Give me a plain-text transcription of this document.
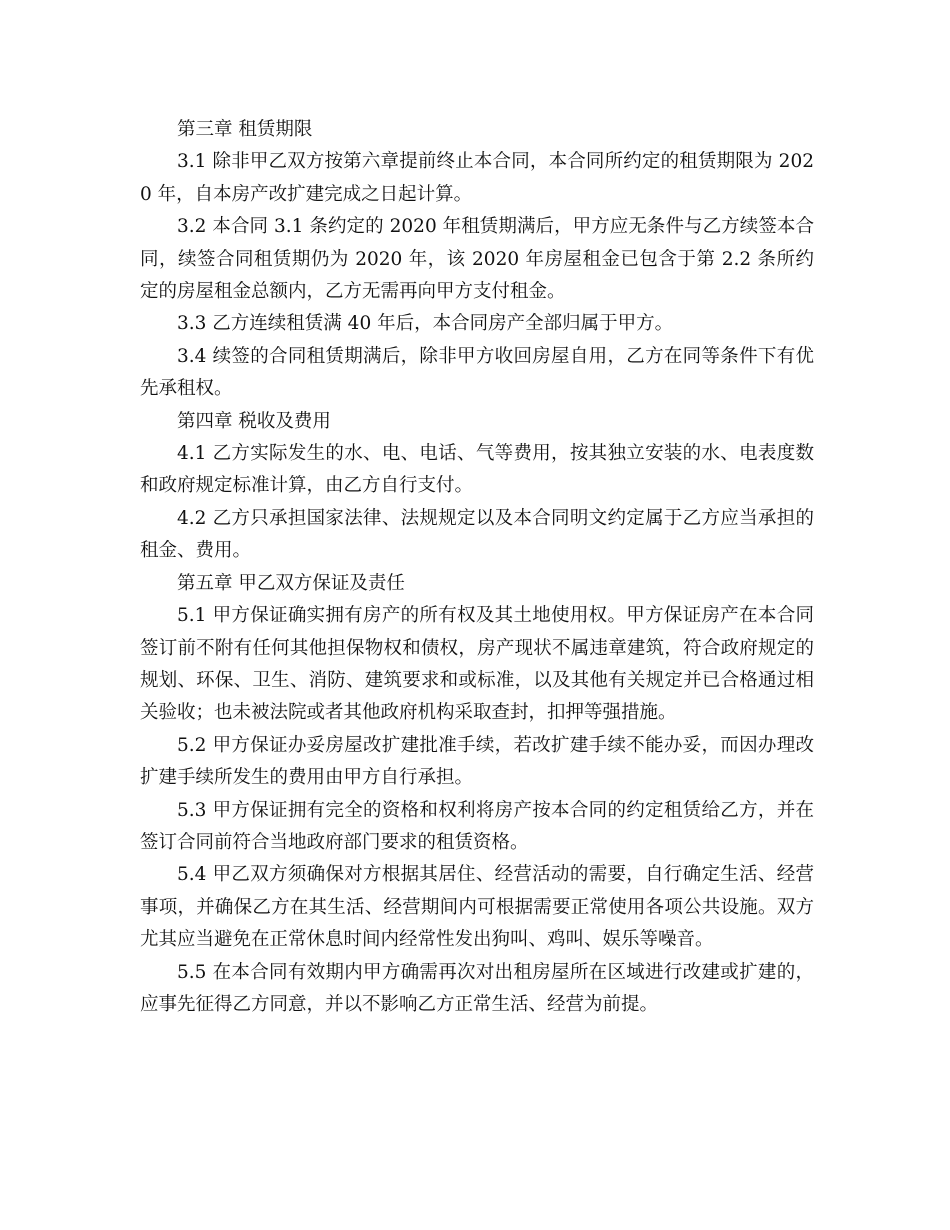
第三章 租赁期限

3.1 除非甲乙双方按第六章提前终止本合同，本合同所约定的租赁期限为 2020 年，自本房产改扩建完成之日起计算。

3.2 本合同 3.1 条约定的 2020 年租赁期满后，甲方应无条件与乙方续签本合同，续签合同租赁期仍为 2020 年，该 2020 年房屋租金已包含于第 2.2 条所约定的房屋租金总额内，乙方无需再向甲方支付租金。

3.3 乙方连续租赁满 40 年后，本合同房产全部归属于甲方。

3.4 续签的合同租赁期满后，除非甲方收回房屋自用，乙方在同等条件下有优先承租权。

第四章 税收及费用

4.1 乙方实际发生的水、电、电话、气等费用，按其独立安装的水、电表度数和政府规定标准计算，由乙方自行支付。

4.2 乙方只承担国家法律、法规规定以及本合同明文约定属于乙方应当承担的租金、费用。

第五章 甲乙双方保证及责任

5.1 甲方保证确实拥有房产的所有权及其土地使用权。甲方保证房产在本合同签订前不附有任何其他担保物权和债权，房产现状不属违章建筑，符合政府规定的规划、环保、卫生、消防、建筑要求和或标准，以及其他有关规定并已合格通过相关验收；也未被法院或者其他政府机构采取查封，扣押等强措施。

5.2 甲方保证办妥房屋改扩建批准手续，若改扩建手续不能办妥，而因办理改扩建手续所发生的费用由甲方自行承担。

5.3 甲方保证拥有完全的资格和权利将房产按本合同的约定租赁给乙方，并在签订合同前符合当地政府部门要求的租赁资格。

5.4 甲乙双方须确保对方根据其居住、经营活动的需要，自行确定生活、经营事项，并确保乙方在其生活、经营期间内可根据需要正常使用各项公共设施。双方尤其应当避免在正常休息时间内经常性发出狗叫、鸡叫、娱乐等噪音。

5.5 在本合同有效期内甲方确需再次对出租房屋所在区域进行改建或扩建的，应事先征得乙方同意，并以不影响乙方正常生活、经营为前提。
